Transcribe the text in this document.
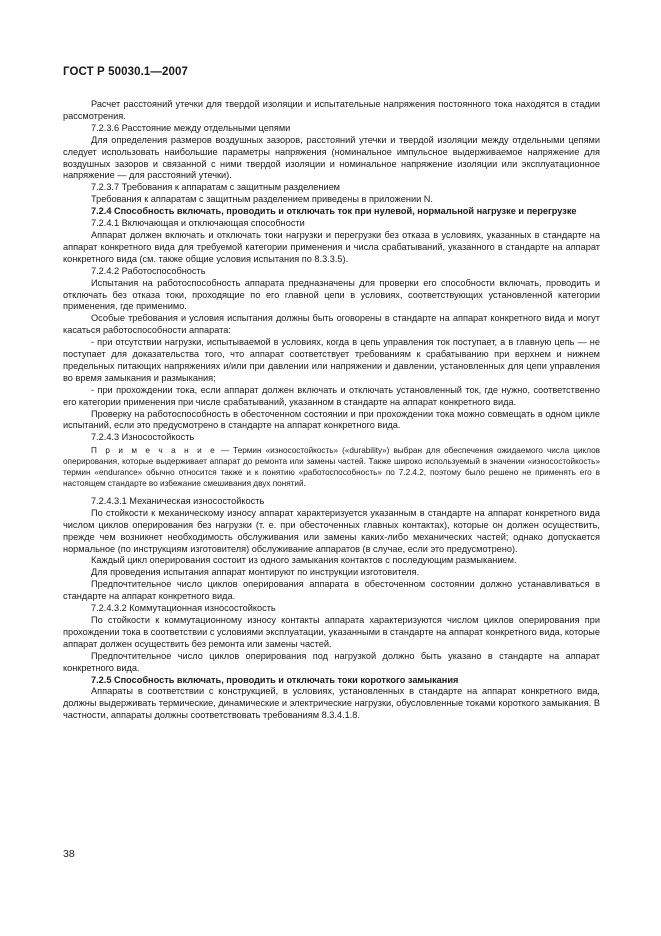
ГОСТ Р 50030.1—2007

Расчет расстояний утечки для твердой изоляции и испытательные напряжения постоянного тока находятся в стадии рассмотрения.

7.2.3.6 Расстояние между отдельными цепями

Для определения размеров воздушных зазоров, расстояний утечки и твердой изоляции между отдельными цепями следует использовать наибольшие параметры напряжения (номинальное импульсное выдерживаемое напряжение для воздушных зазоров и связанной с ними твердой изоляции и номинальное напряжение изоляции или эксплуатационное напряжение — для расстояний утечки).

7.2.3.7 Требования к аппаратам с защитным разделением

Требования к аппаратам с защитным разделением приведены в приложении N.

7.2.4 Способность включать, проводить и отключать ток при нулевой, нормальной нагрузке и перегрузке

7.2.4.1 Включающая и отключающая способности

Аппарат должен включать и отключать токи нагрузки и перегрузки без отказа в условиях, указанных в стандарте на аппарат конкретного вида для требуемой категории применения и числа срабатываний, указанного в стандарте на аппарат конкретного вида (см. также общие условия испытания по 8.3.3.5).

7.2.4.2 Работоспособность

Испытания на работоспособность аппарата предназначены для проверки его способности включать, проводить и отключать без отказа токи, проходящие по его главной цепи в условиях, соответствующих установленной категории применения, где применимо.

Особые требования и условия испытания должны быть оговорены в стандарте на аппарат конкретного вида и могут касаться работоспособности аппарата:

- при отсутствии нагрузки, испытываемой в условиях, когда в цепь управления ток поступает, а в главную цепь — не поступает для доказательства того, что аппарат соответствует требованиям к срабатыванию при верхнем и нижнем предельных питающих напряжениях и/или при давлении или напряжении и давлении, установленных для цепи управления во время замыкания и размыкания;

- при прохождении тока, если аппарат должен включать и отключать установленный ток, где нужно, соответственно его категории применения при числе срабатываний, указанном в стандарте на аппарат конкретного вида.

Проверку на работоспособность в обесточенном состоянии и при прохождении тока можно совмещать в одном цикле испытаний, если это предусмотрено в стандарте на аппарат конкретного вида.

7.2.4.3 Износостойкость

П р и м е ч а н и е — Термин «износостойкость» («durability») выбран для обеспечения ожидаемого числа циклов оперирования, которые выдерживает аппарат до ремонта или замены частей. Также широко используемый в значении «износостойкость» термин «endurance» обычно относится также и к понятию «работоспособность» по 7.2.4.2, поэтому было решено не применять его в настоящем стандарте во избежание смешивания двух понятий.

7.2.4.3.1 Механическая износостойкость

По стойкости к механическому износу аппарат характеризуется указанным в стандарте на аппарат конкретного вида числом циклов оперирования без нагрузки (т. е. при обесточенных главных контактах), которые он должен осуществить, прежде чем возникнет необходимость обслуживания или замены каких-либо механических частей; однако допускается нормальное (по инструкциям изготовителя) обслуживание аппаратов (в случае, если это предусмотрено).

Каждый цикл оперирования состоит из одного замыкания контактов с последующим размыканием.

Для проведения испытания аппарат монтируют по инструкции изготовителя.

Предпочтительное число циклов оперирования аппарата в обесточенном состоянии должно устанавливаться в стандарте на аппарат конкретного вида.

7.2.4.3.2 Коммутационная износостойкость

По стойкости к коммутационному износу контакты аппарата характеризуются числом циклов оперирования при прохождении тока в соответствии с условиями эксплуатации, указанными в стандарте на аппарат конкретного вида, которые аппарат должен осуществить без ремонта или замены частей.

Предпочтительное число циклов оперирования под нагрузкой должно быть указано в стандарте на аппарат конкретного вида.

7.2.5 Способность включать, проводить и отключать токи короткого замыкания

Аппараты в соответствии с конструкцией, в условиях, установленных в стандарте на аппарат конкретного вида, должны выдерживать термические, динамические и электрические нагрузки, обусловленные токами короткого замыкания. В частности, аппараты должны соответствовать требованиям 8.3.4.1.8.

38
